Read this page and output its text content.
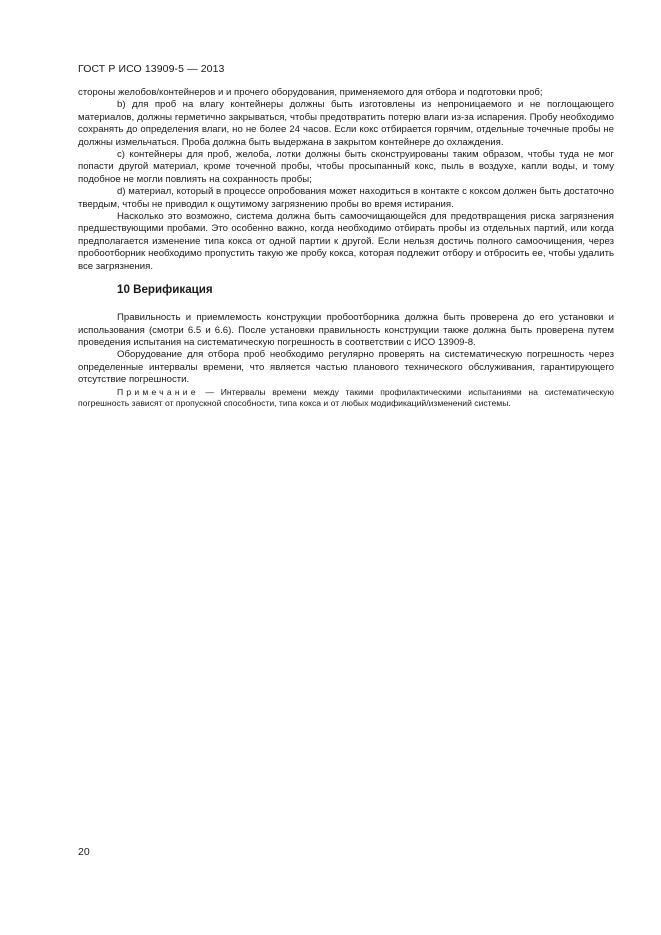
ГОСТ Р ИСО 13909-5 — 2013

стороны желобов/контейнеров и и прочего оборудования, применяемого для отбора и подготовки проб;

b) для проб на влагу контейнеры должны быть изготовлены из непроницаемого и не поглощающего материалов, должны герметично закрываться, чтобы предотвратить потерю влаги из-за испарения. Пробу необходимо сохранять до определения влаги, но не более 24 часов. Если кокс отбирается горячим, отдельные точечные пробы не должны измельчаться. Проба должна быть выдержана в закрытом контейнере до охлаждения.

c) контейнеры для проб, желоба, лотки должны быть сконструированы таким образом, чтобы туда не мог попасти другой материал, кроме точечной пробы, чтобы просыпанный кокс, пыль в воздухе, капли воды, и тому подобное не могли повлиять на сохранность пробы;

d) материал, который в процессе опробования может находиться в контакте с коксом должен быть достаточно твердым, чтобы не приводил к ощутимому загрязнению пробы во время истирания.

Насколько это возможно, система должна быть самоочищающейся для предотвращения риска загрязнения предшествующими пробами. Это особенно важно, когда необходимо отбирать пробы из отдельных партий, или когда предполагается изменение типа кокса от одной партии к другой. Если нельзя достичь полного самоочищения, через пробоотборник необходимо пропустить такую же пробу кокса, которая подлежит отбору и отбросить ее, чтобы удалить все загрязнения.

10 Верификация

Правильность и приемлемость конструкции пробоотборника должна быть проверена до его установки и использования (смотри 6.5 и 6.6). После установки правильность конструкции также должна быть проверена путем проведения испытания на систематическую погрешность в соответствии с ИСО 13909-8.

Оборудование для отбора проб необходимо регулярно проверять на систематическую погрешность через определенные интервалы времени, что является частью планового технического обслуживания, гарантирующего отсутствие погрешности.

Примечание — Интервалы времени между такими профилактическими испытаниями на систематическую погрешность зависят от пропускной способности, типа кокса и от любых модификаций/изменений системы.

20
